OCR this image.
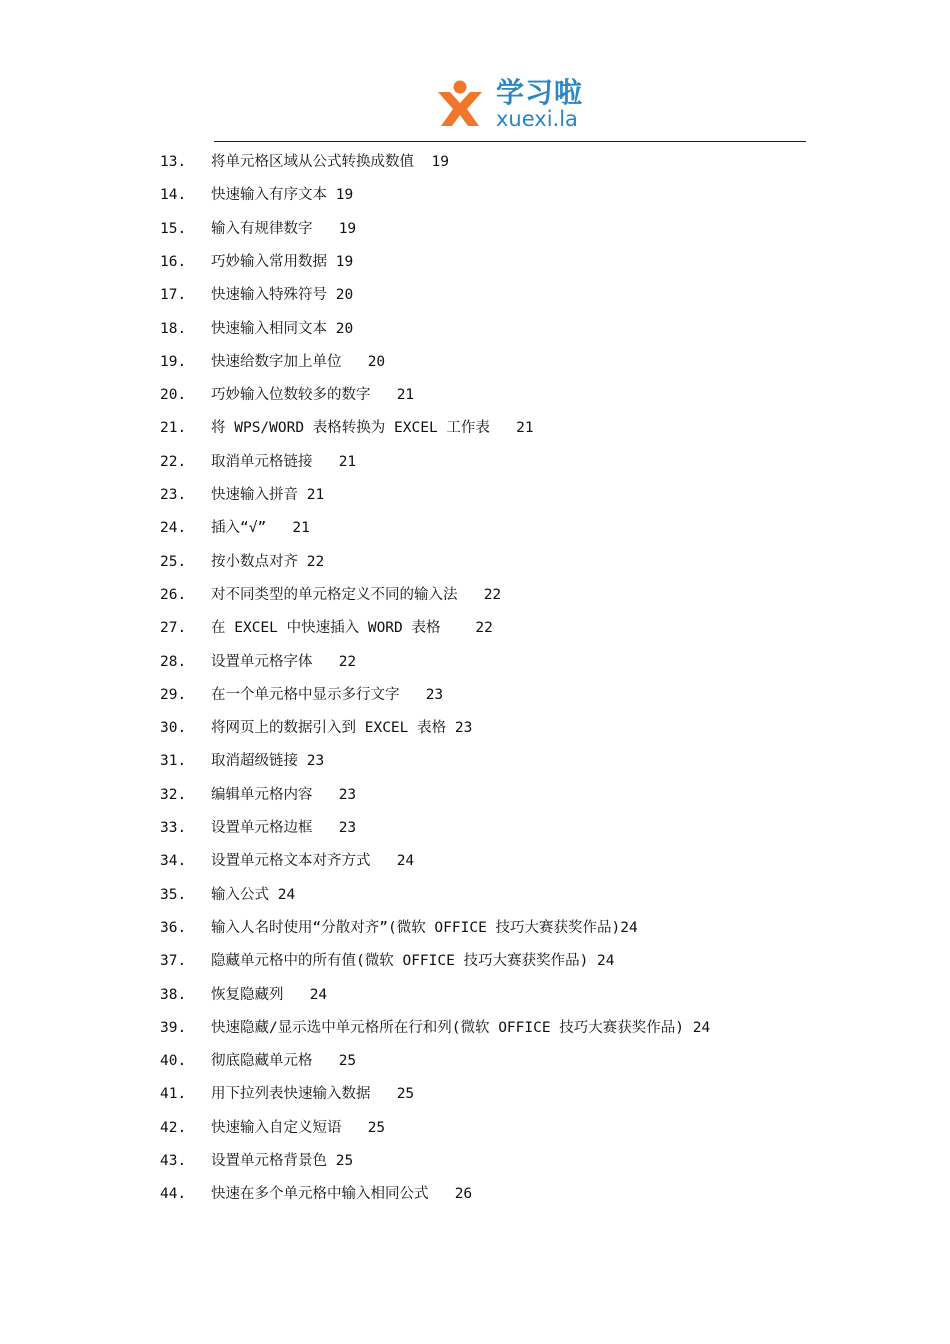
学习啦
xuexi.la
13. 将单元格区域从公式转换成数值  19
14. 快速输入有序文本 19
15. 输入有规律数字   19
16. 巧妙输入常用数据 19
17. 快速输入特殊符号 20
18. 快速输入相同文本 20
19. 快速给数字加上单位   20
20. 巧妙输入位数较多的数字   21
21. 将 WPS/WORD 表格转换为 EXCEL 工作表   21
22. 取消单元格链接   21
23. 快速输入拼音 21
24. 插入“√”   21
25. 按小数点对齐 22
26. 对不同类型的单元格定义不同的输入法   22
27. 在 EXCEL 中快速插入 WORD 表格    22
28. 设置单元格字体   22
29. 在一个单元格中显示多行文字   23
30. 将网页上的数据引入到 EXCEL 表格 23
31. 取消超级链接 23
32. 编辑单元格内容   23
33. 设置单元格边框   23
34. 设置单元格文本对齐方式   24
35. 输入公式 24
36. 输入人名时使用“分散对齐”(微软 OFFICE 技巧大赛获奖作品)24
37. 隐藏单元格中的所有值(微软 OFFICE 技巧大赛获奖作品) 24
38. 恢复隐藏列   24
39. 快速隐藏/显示选中单元格所在行和列(微软 OFFICE 技巧大赛获奖作品) 24
40. 彻底隐藏单元格   25
41. 用下拉列表快速输入数据   25
42. 快速输入自定义短语   25
43. 设置单元格背景色 25
44. 快速在多个单元格中输入相同公式   26
